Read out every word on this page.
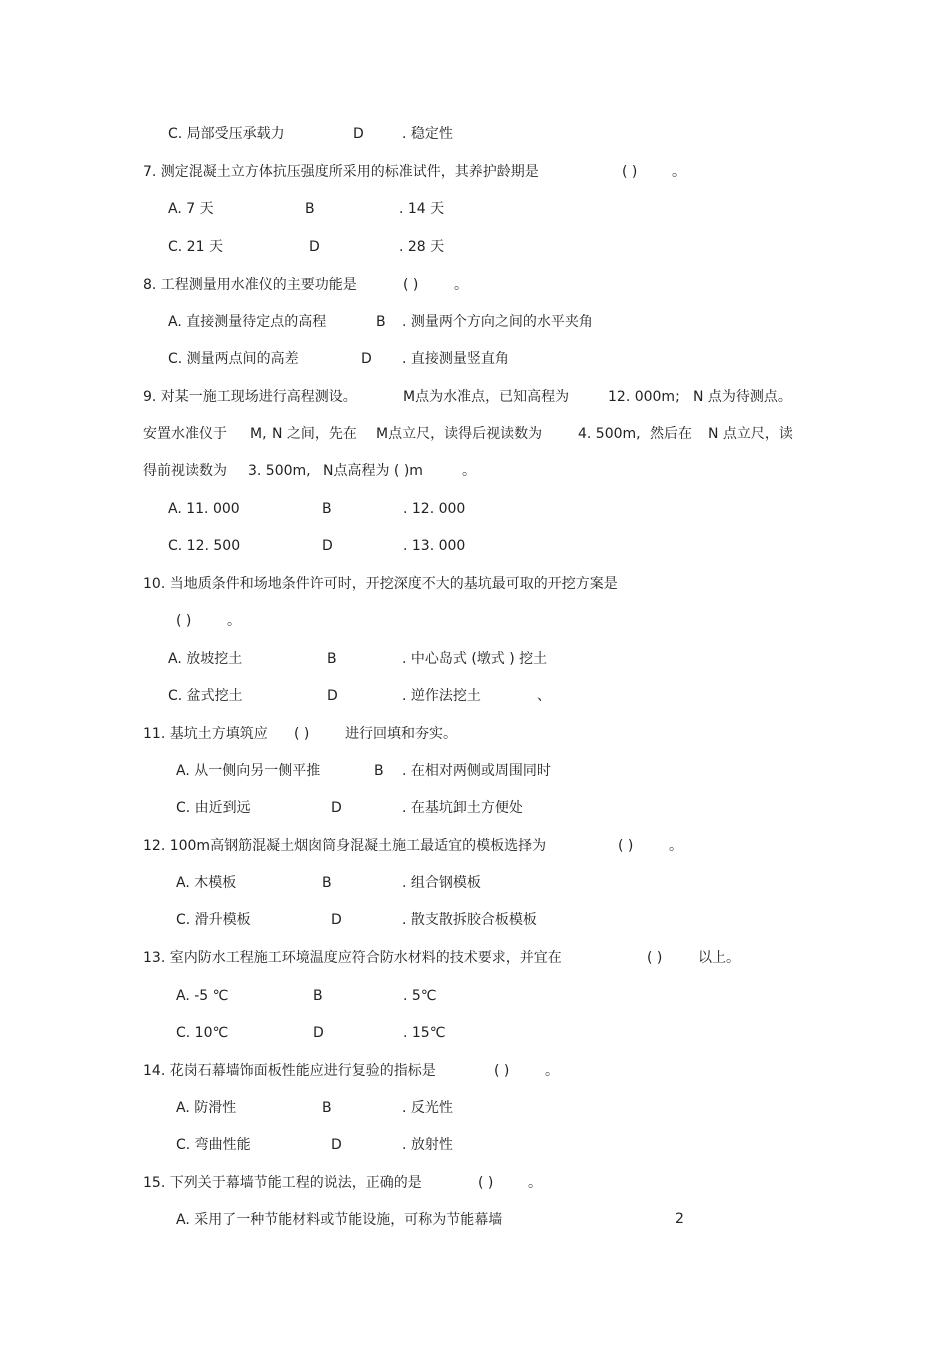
C. 局部受压承载力	D	. 稳定性
7. 测定混凝土立方体抗压强度所采用的标准试件，其养护龄期是	( ) 。
A. 7 天	B	. 14 天
C. 21 天	D	. 28 天
8. 工程测量用水准仪的主要功能是	( )	。
A. 直接测量待定点的高程	B . 测量两个方向之间的水平夹角
C. 测量两点间的高差	D . 直接测量竖直角
9. 对某一施工现场进行高程测设。	M点为水准点，已知高程为	12. 000m; N 点为待测点。
安置水准仪于 M, N 之间，先在 M点立尺，读得后视读数为	4. 500m, 然后在 N 点立尺，读
得前视读数为 3. 500m, N点高程为 ( )m	。
A. 11. 000	B	. 12. 000
C. 12. 500	D	. 13. 000
10. 当地质条件和场地条件许可时，开挖深度不大的基坑最可取的开挖方案是
( )	。
A. 放坡挖土	B	. 中心岛式 (墩式 ) 挖土
C. 盆式挖土	D	. 逆作法挖土	、
11. 基坑土方填筑应 ( )	进行回填和夯实。
A. 从一侧向另一侧平推	B . 在相对两侧或周围同时
C. 由近到远	D	. 在基坑卸土方便处
12. 100m高钢筋混凝土烟囱筒身混凝土施工最适宜的模板选择为	( )	。
A. 木模板	B	. 组合钢模板
C. 滑升模板	D	. 散支散拆胶合板模板
13. 室内防水工程施工环境温度应符合防水材料的技术要求，并宜在	( )	以上。
A. -5 ℃	B	. 5℃
C. 10℃	D	. 15℃
14. 花岗石幕墙饰面板性能应进行复验的指标是	( )	。
A. 防滑性	B	. 反光性
C. 弯曲性能	D	. 放射性
15. 下列关于幕墙节能工程的说法，正确的是	( ) 。
A. 采用了一种节能材料或节能设施，可称为节能幕墙	2
